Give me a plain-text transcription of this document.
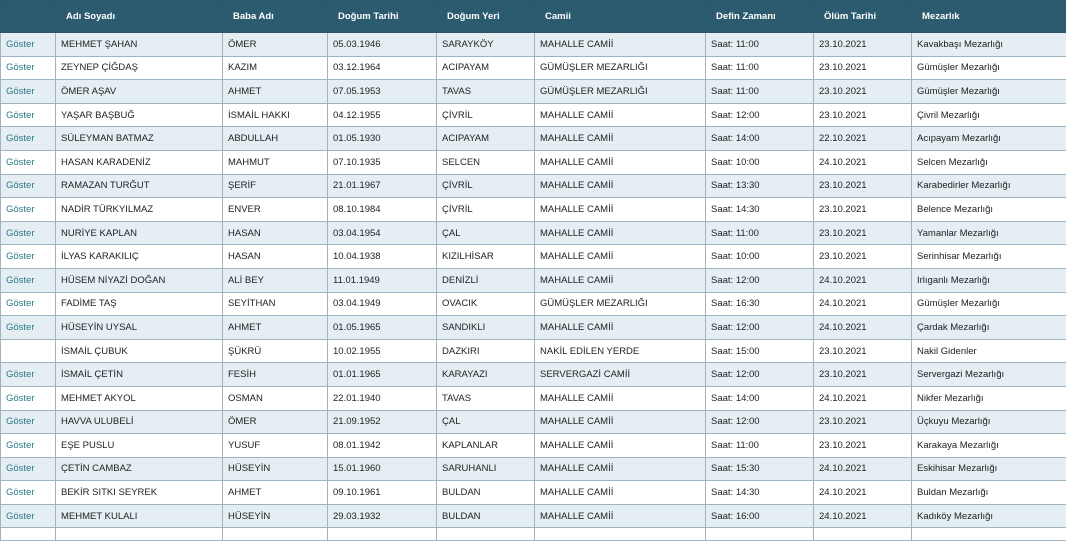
	Adı Soyadı	Baba Adı	Doğum Tarihi	Doğum Yeri	Camii	Defin Zamanı	Ölüm Tarihi	Mezarlık
Göster	MEHMET ŞAHAN	ÖMER	05.03.1946	SARAYKÖY	MAHALLE CAMİİ	Saat: 11:00	23.10.2021	Kavakbaşı Mezarlığı
Göster	ZEYNEP ÇİĞDAŞ	KAZIM	03.12.1964	ACIPAYAM	GÜMÜŞLER MEZARLIĞI	Saat: 11:00	23.10.2021	Gümüşler Mezarlığı
Göster	ÖMER AŞAV	AHMET	07.05.1953	TAVAS	GÜMÜŞLER MEZARLIĞI	Saat: 11:00	23.10.2021	Gümüşler Mezarlığı
Göster	YAŞAR BAŞBUĞ	İSMAİL HAKKI	04.12.1955	ÇİVRİL	MAHALLE CAMİİ	Saat: 12:00	23.10.2021	Çivril Mezarlığı
Göster	SÜLEYMAN BATMAZ	ABDULLAH	01.05.1930	ACIPAYAM	MAHALLE CAMİİ	Saat: 14:00	22.10.2021	Acıpayam Mezarlığı
Göster	HASAN KARADENİZ	MAHMUT	07.10.1935	SELCEN	MAHALLE CAMİİ	Saat: 10:00	24.10.2021	Selcen Mezarlığı
Göster	RAMAZAN TURĞUT	ŞERİF	21.01.1967	ÇİVRİL	MAHALLE CAMİİ	Saat: 13:30	23.10.2021	Karabedirler Mezarlığı
Göster	NADİR TÜRKYILMAZ	ENVER	08.10.1984	ÇİVRİL	MAHALLE CAMİİ	Saat: 14:30	23.10.2021	Belence Mezarlığı
Göster	NURİYE KAPLAN	HASAN	03.04.1954	ÇAL	MAHALLE CAMİİ	Saat: 11:00	23.10.2021	Yamanlar Mezarlığı
Göster	İLYAS KARAKILIÇ	HASAN	10.04.1938	KIZILHİSAR	MAHALLE CAMİİ	Saat: 10:00	23.10.2021	Serinhisar Mezarlığı
Göster	HÜSEM NİYAZİ DOĞAN	ALİ BEY	11.01.1949	DENİZLİ	MAHALLE CAMİİ	Saat: 12:00	24.10.2021	Irlıganlı Mezarlığı
Göster	FADİME TAŞ	SEYİTHAN	03.04.1949	OVACIK	GÜMÜŞLER MEZARLIĞI	Saat: 16:30	24.10.2021	Gümüşler Mezarlığı
Göster	HÜSEYİN UYSAL	AHMET	01.05.1965	SANDIKLI	MAHALLE CAMİİ	Saat: 12:00	24.10.2021	Çardak Mezarlığı
	İSMAİL ÇUBUK	ŞÜKRÜ	10.02.1955	DAZKIRI	NAKİL EDİLEN YERDE	Saat: 15:00	23.10.2021	Nakil Gidenler
Göster	İSMAİL ÇETİN	FESİH	01.01.1965	KARAYAZI	SERVERGAZİ CAMİİ	Saat: 12:00	23.10.2021	Servergazi Mezarlığı
Göster	MEHMET AKYOL	OSMAN	22.01.1940	TAVAS	MAHALLE CAMİİ	Saat: 14:00	24.10.2021	Nikfer Mezarlığı
Göster	HAVVA ULUBELİ	ÖMER	21.09.1952	ÇAL	MAHALLE CAMİİ	Saat: 12:00	23.10.2021	Üçkuyu Mezarlığı
Göster	EŞE PUSLU	YUSUF	08.01.1942	KAPLANLAR	MAHALLE CAMİİ	Saat: 11:00	23.10.2021	Karakaya Mezarlığı
Göster	ÇETİN CAMBAZ	HÜSEYİN	15.01.1960	SARUHANLI	MAHALLE CAMİİ	Saat: 15:30	24.10.2021	Eskihisar Mezarlığı
Göster	BEKİR SITKI SEYREK	AHMET	09.10.1961	BULDAN	MAHALLE CAMİİ	Saat: 14:30	24.10.2021	Buldan Mezarlığı
Göster	MEHMET KULALI	HÜSEYİN	29.03.1932	BULDAN	MAHALLE CAMİİ	Saat: 16:00	24.10.2021	Kadıköy Mezarlığı
